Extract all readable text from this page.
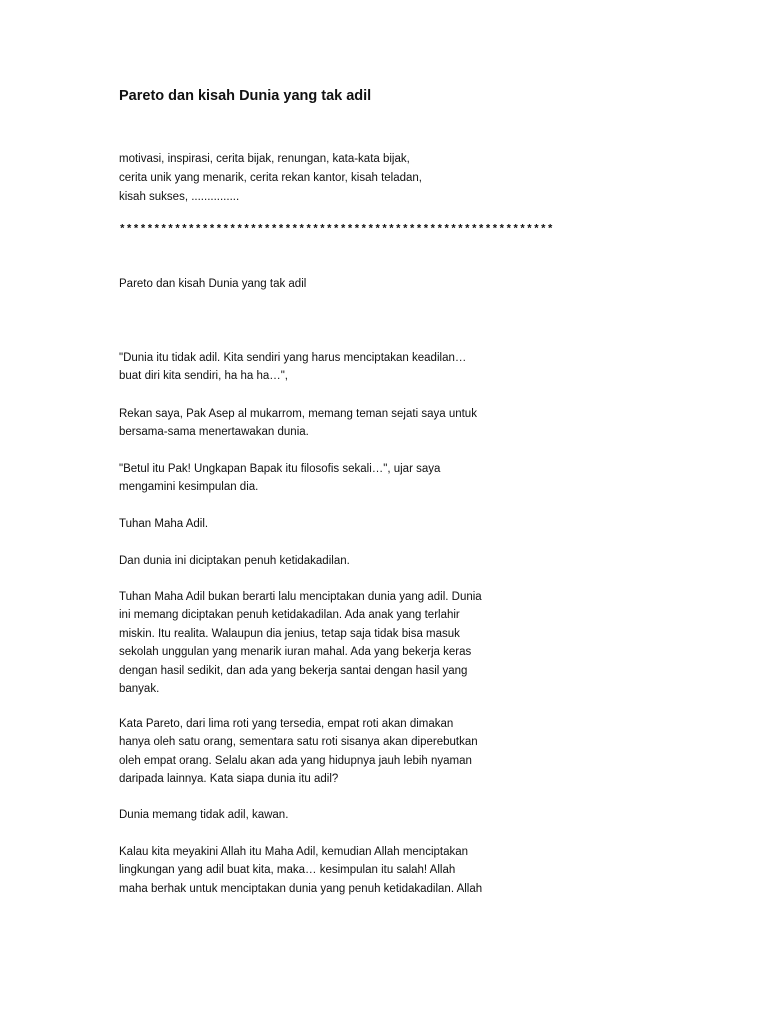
Pareto dan kisah Dunia yang tak adil
motivasi, inspirasi, cerita bijak, renungan, kata-kata bijak,
cerita unik yang menarik, cerita rekan kantor, kisah teladan,
kisah sukses, ...............
***************************************************************
Pareto dan kisah Dunia yang tak adil
"Dunia itu tidak adil. Kita sendiri yang harus menciptakan keadilan…
buat diri kita sendiri, ha ha ha…",
Rekan saya, Pak Asep al mukarrom, memang teman sejati saya untuk
bersama-sama menertawakan dunia.
"Betul itu Pak! Ungkapan Bapak itu filosofis sekali…", ujar saya
mengamini kesimpulan dia.
Tuhan Maha Adil.
Dan dunia ini diciptakan penuh ketidakadilan.
Tuhan Maha Adil bukan berarti lalu menciptakan dunia yang adil. Dunia
ini memang diciptakan penuh ketidakadilan. Ada anak yang terlahir
miskin. Itu realita. Walaupun dia jenius, tetap saja tidak bisa masuk
sekolah unggulan yang menarik iuran mahal. Ada yang bekerja keras
dengan hasil sedikit, dan ada yang bekerja santai dengan hasil yang
banyak.
Kata Pareto, dari lima roti yang tersedia, empat roti akan dimakan
hanya oleh satu orang, sementara satu roti sisanya akan diperebutkan
oleh empat orang. Selalu akan ada yang hidupnya jauh lebih nyaman
daripada lainnya. Kata siapa dunia itu adil?
Dunia memang tidak adil, kawan.
Kalau kita meyakini Allah itu Maha Adil, kemudian Allah menciptakan
lingkungan yang adil buat kita, maka… kesimpulan itu salah! Allah
maha berhak untuk menciptakan dunia yang penuh ketidakadilan. Allah
